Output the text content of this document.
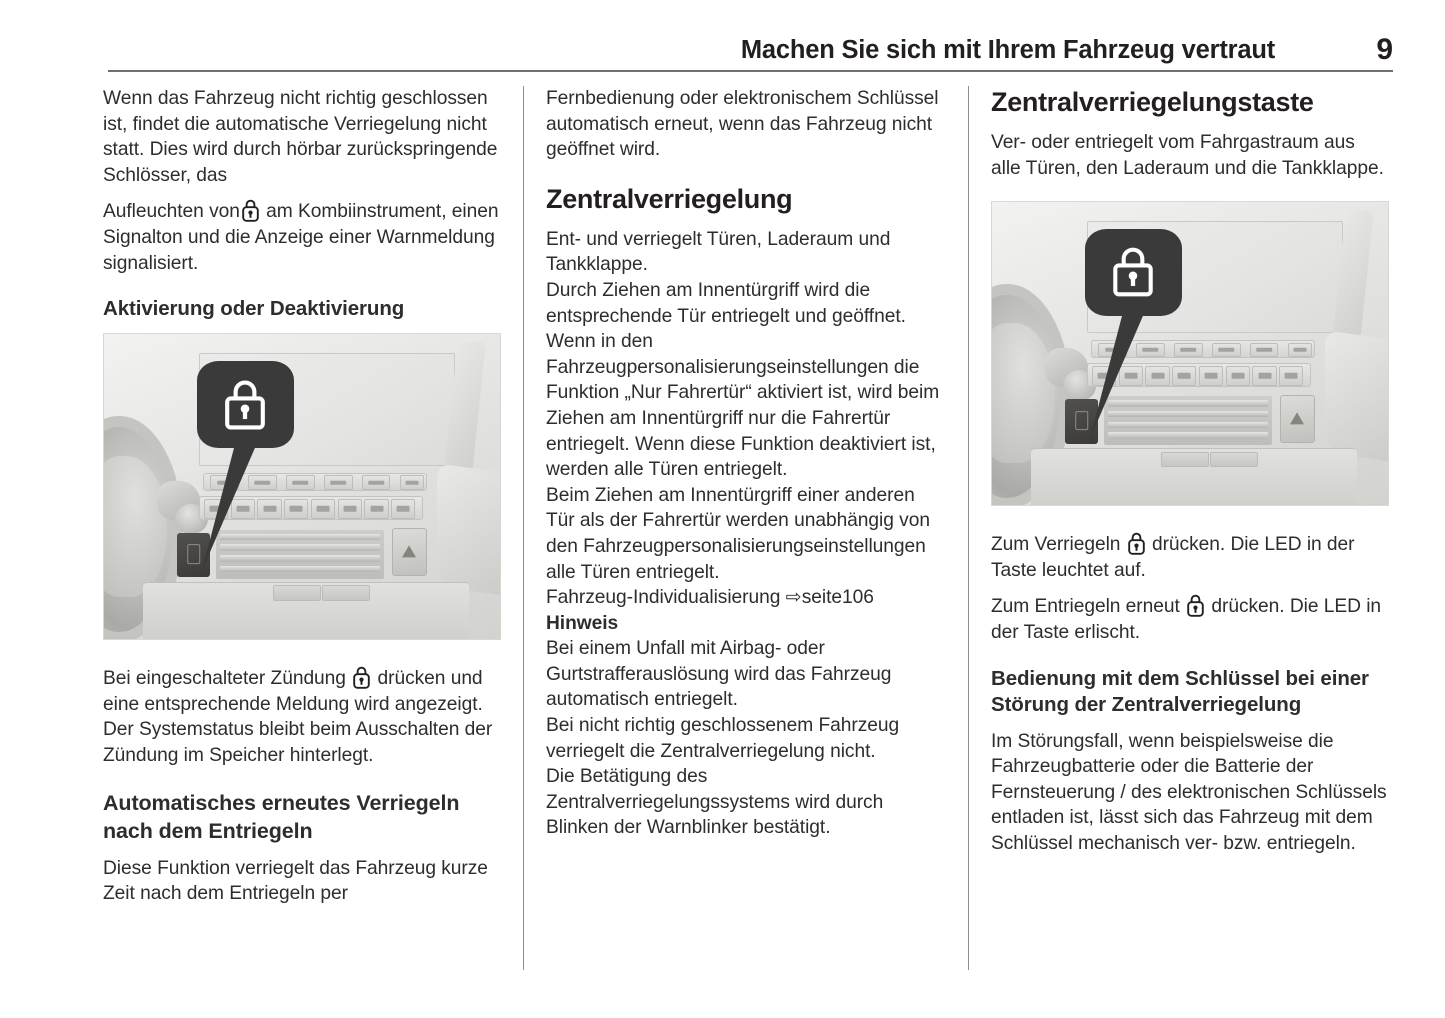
Machen Sie sich mit Ihrem Fahrzeug vertraut	9

Wenn das Fahrzeug nicht richtig geschlossen ist, findet die automatische Verriegelung nicht statt. Dies wird durch hörbar zurückspringende Schlösser, das

Aufleuchten von am Kombiinstrument, einen Signalton und die Anzeige einer Warnmeldung signalisiert.

Aktivierung oder Deaktivierung

Bei eingeschalteter Zündung drücken und eine entsprechende Meldung wird angezeigt.

Der Systemstatus bleibt beim Ausschalten der Zündung im Speicher hinterlegt.

Automatisches erneutes Verriegeln nach dem Entriegeln

Diese Funktion verriegelt das Fahrzeug kurze Zeit nach dem Entriegeln per

Fernbedienung oder elektronischem Schlüssel automatisch erneut, wenn das Fahrzeug nicht geöffnet wird.

Zentralverriegelung

Ent- und verriegelt Türen, Laderaum und Tankklappe.

Durch Ziehen am Innentürgriff wird die entsprechende Tür entriegelt und geöffnet.

Wenn in den Fahrzeugpersonalisierungseinstellungen die Funktion „Nur Fahrertür“ aktiviert ist, wird beim Ziehen am Innentürgriff nur die Fahrertür entriegelt. Wenn diese Funktion deaktiviert ist, werden alle Türen entriegelt.

Beim Ziehen am Innentürgriff einer anderen Tür als der Fahrertür werden unabhängig von den Fahrzeugpersonalisierungseinstellungen alle Türen entriegelt.

Fahrzeug-Individualisierung ⇨seite106

Hinweis

Bei einem Unfall mit Airbag- oder Gurtstrafferauslösung wird das Fahrzeug automatisch entriegelt.

Bei nicht richtig geschlossenem Fahrzeug verriegelt die Zentralverriegelung nicht.

Die Betätigung des Zentralverriegelungssystems wird durch Blinken der Warnblinker bestätigt.

Zentralverriegelungstaste

Ver- oder entriegelt vom Fahrgastraum aus alle Türen, den Laderaum und die Tankklappe.

Zum Verriegeln drücken. Die LED in der Taste leuchtet auf.

Zum Entriegeln erneut drücken. Die LED in der Taste erlischt.

Bedienung mit dem Schlüssel bei einer Störung der Zentralverriegelung

Im Störungsfall, wenn beispielsweise die Fahrzeugbatterie oder die Batterie der Fernsteuerung / des elektronischen Schlüssels entladen ist, lässt sich das Fahrzeug mit dem Schlüssel mechanisch ver- bzw. entriegeln.
